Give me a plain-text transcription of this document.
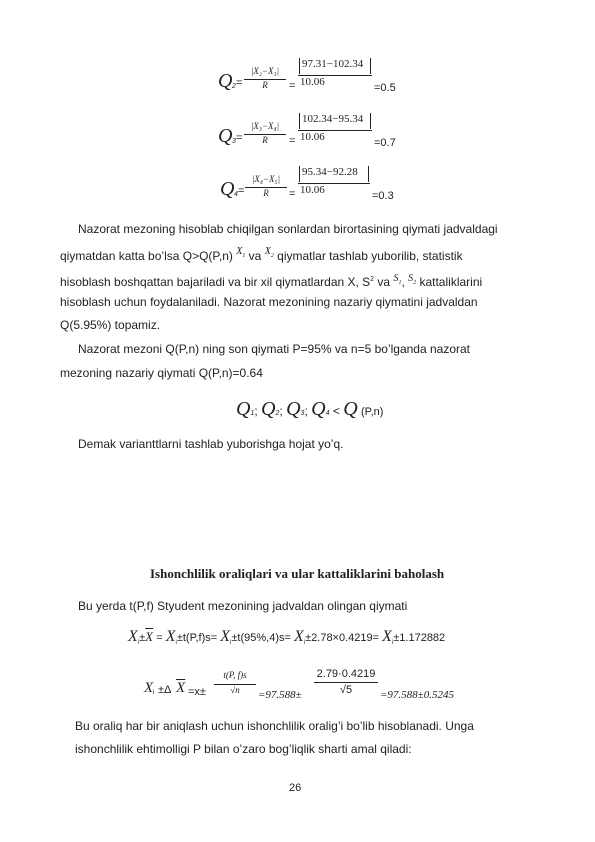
Q 2 =
|X₂−X₃|
R	=
97.31−102.34
10.06	=0.5
Q 3 =
|X₃−X₄|
R	=
102.34−95.34
10.06	=0.7
Q 4 =
|X₄−X₅|
R	=
95.34−92.28
10.06	=0.3
Nazorat mezoning hisoblab chiqilgan sonlardan birortasining qiymati jadvaldagi
qiymatdan katta bo’lsa Q>Q(P,n) $^{X_1}$ va $^{X_2}$ qiymatlar tashlab yuborilib, statistik
hisoblash boshqattan bajariladi va bir xil qiymatlardan X, $S^2$ va $^{S_1}$, $^{S_2}$ kattaliklarini
hisoblash uchun foydalaniladi. Nazorat mezonining nazariy qiymatini jadvaldan
Q(5.95%) topamiz.
Nazorat mezoni Q(P,n) ning son qiymati P=95% va n=5 bo’lganda nazorat
mezoning nazariy qiymati Q(P,n)=0.64
Q1; Q2; Q3; Q4 < Q (P,n)
Demak varianttlarni tashlab yuborishga hojat yo’q.
Ishonchlilik oraliqlari va ular kattaliklarini baholash
Bu yerda t(P,f) Styudent mezonining jadvaldan olingan qiymati
$X_i\pm\overline{X} = X_i\pm t(P,f)s= X_i\pm t(95\%,4)s= X_i\pm 2.78\times 0.4219= X_i\pm 1.172882$
X i ±Δ $\overline{X} =x\pm$
t(P, f)s
√n	=97.588±
2.79·0.4219
√5	=97.588±0.5245
Bu oraliq har bir aniqlash uchun ishonchlilik oralig’i bo’lib hisoblanadi. Unga
ishonchlilik ehtimolligi P bilan o’zaro bog’liqlik sharti amal qiladi:
26
